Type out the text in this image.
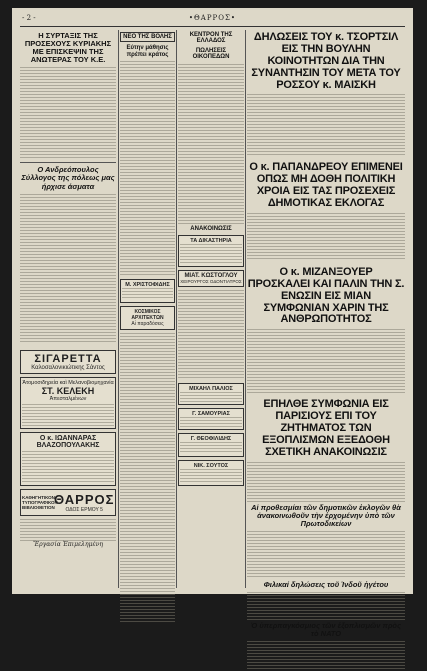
- 2 -	•ΘΑΡΡΟΣ•
Η ΣΥΡΤΑΞΙΣ ΤΗΣ ΠΡΟΣΕΧΟΥΣ ΚΥΡΙΑΚΗΣ ΜΕ ΕΠΙΣΚΕΨΙΝ ΤΗΣ ΑΝΩΤΕΡΑΣ ΤΟΥ Κ.Ε.
Ο Ανδρεόπουλος Σύλλογος της πόλεως μας ήρχισε άσματα
ΣΙΓΑΡΕΤΤΑ
Καλοσαλονικιώτικης Σάντος
Ἀτομοσιδηρεία καὶ Μελανοβιομηχανία
ΣΤ. ΚΕΛΕΚΗ
Ἀπεσταλμένων
Ο κ. ΙΩΑΝΝΑΡΑΣ ΒΛΑΖΟΠΟΥΛΑΚΗΣ
ΚΑΘΗΓΗΤΙΚΟΝ ΤΥΠΟΓΡΑΦΙΚΟΝ ΒΙΒΛΙΟΘΕΤΙΟΝ
ΘΑΡΡΟΣ
ΟΔΟΣ ΕΡΜΟΥ 5
Ἔργασία Ἐπιμελημένη
ΝΕΟ ΤΗΣ ΒΟΛΗΣ
Εύτην μάθησις πρέπει κράτος
Μ. ΧΡΙΣΤΟΦΙΔΗΣ
ΚΟΣΜΙΚΟΣ ΑΡΧΙΤΕΚΤΩΝ
Αἱ παραδόσεις
ΚΕΝΤΡΟΝ ΤΗΣ ΕΛΛΑΔΟΣ
ΠΩΛΗΣΕΙΣ ΟΙΚΟΠΕΔΩΝ
ΑΝΑΚΟΙΝΩΣΙΣ
ΤΑ ΔΙΚΑΣΤΗΡΙΑ
ΜΙΑΤ. ΚΩΣΤΟΓΛΟΥ
ΧΕΙΡΟΥΡΓΟΣ ΟΔΟΝΤΙΑΤΡΟΣ
ΜΙΧΑΗΛ ΠΑΛΙΟΣ
Γ. ΣΑΜΟΥΡΙΑΣ
Γ. ΘΕΟΦΙΛΙΔΗΣ
ΝΙΚ. ΣΟΥΤΟΣ
ΔΗΛΩΣΕΙΣ ΤΟΥ κ. ΤΣΟΡΤΣΙΛ ΕΙΣ ΤΗΝ ΒΟΥΛΗΝ ΚΟΙΝΟΤΗΤΩΝ ΔΙΑ ΤΗΝ ΣΥΝΑΝΤΗΣΙΝ ΤΟΥ ΜΕΤΑ ΤΟΥ ΡΟΣΣΟΥ κ. ΜΑΙΣΚΗ
Ο κ. ΠΑΠΑΝΔΡΕΟΥ ΕΠΙΜΕΝΕΙ ΟΠΩΣ ΜΗ ΔΟΘΗ ΠΟΛΙΤΙΚΗ ΧΡΟΙΑ ΕΙΣ ΤΑΣ ΠΡΟΣΕΧΕΙΣ ΔΗΜΟΤΙΚΑΣ ΕΚΛΟΓΑΣ
Ο κ. ΜΙΖΑΝΞΟΥΕΡ ΠΡΟΣΚΑΛΕΙ ΚΑΙ ΠΑΛΙΝ ΤΗΝ Σ. ΕΝΩΣΙΝ ΕΙΣ ΜΙΑΝ ΣΥΜΦΩΝΙΑΝ ΧΑΡΙΝ ΤΗΣ ΑΝΘΡΩΠΟΤΗΤΟΣ
ΕΠΗΛΘΕ ΣΥΜΦΩΝΙΑ ΕΙΣ ΠΑΡΙΣΙΟΥΣ ΕΠΙ ΤΟΥ ΖΗΤΗΜΑΤΟΣ ΤΩΝ ΕΞΟΠΛΙΣΜΩΝ ΕΞΕΔΟΘΗ ΣΧΕΤΙΚΗ ΑΝΑΚΟΙΝΩΣΙΣ
Αἱ προθεσμίαι τῶν δημοτικῶν ἐκλογῶν θὰ ἀνακοινωθοῦν τὴν ἐρχομένην ὑπὸ τῶν Πρωτοδικείων
Φιλικαί δηλώσεις τοῦ Ἰνδοῦ ἡγέτου
Ὁ ὑπερπαγκόσμιος τῶν ἐξοπλισμῶν πρὸς τὸ ΝΑΤΟ
